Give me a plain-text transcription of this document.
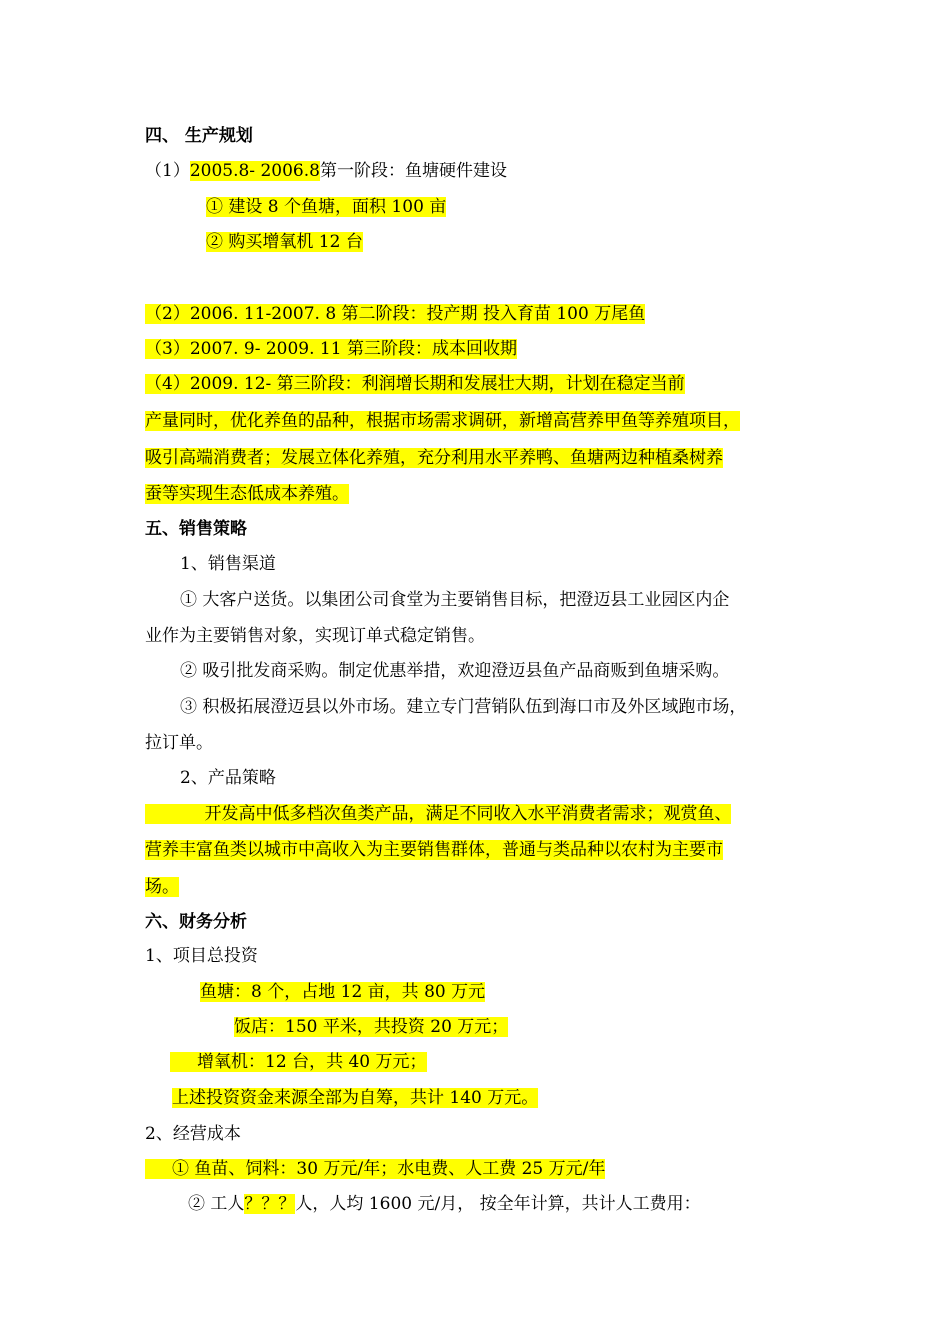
四、 生产规划
（1）2005.8- 2006.8第一阶段：鱼塘硬件建设
① 建设 8 个鱼塘，面积 100 亩
② 购买增氧机 12 台
（2）2006. 11-2007. 8 第二阶段：投产期 投入育苗 100 万尾鱼
（3）2007. 9- 2009. 11 第三阶段：成本回收期
（4）2009. 12- 第三阶段：利润增长期和发展壮大期，计划在稳定当前
产量同时，优化养鱼的品种，根据市场需求调研，新增高营养甲鱼等养殖项目，
吸引高端消费者；发展立体化养殖，充分利用水平养鸭、鱼塘两边种植桑树养
蚕等实现生态低成本养殖。
五、销售策略
1、销售渠道
① 大客户送货。以集团公司食堂为主要销售目标，把澄迈县工业园区内企
业作为主要销售对象，实现订单式稳定销售。
② 吸引批发商采购。制定优惠举措，欢迎澄迈县鱼产品商贩到鱼塘采购。
③ 积极拓展澄迈县以外市场。建立专门营销队伍到海口市及外区域跑市场，
拉订单。
2、产品策略
开发高中低多档次鱼类产品，满足不同收入水平消费者需求；观赏鱼、
营养丰富鱼类以城市中高收入为主要销售群体，普通与类品种以农村为主要市
场。
六、财务分析
1、项目总投资
鱼塘：8 个，占地 12 亩，共 80 万元
饭店：150 平米，共投资 20 万元；
增氧机：12 台，共 40 万元；
上述投资资金来源全部为自筹，共计 140 万元。
2、经营成本
① 鱼苗、饲料：30 万元/年；水电费、人工费 25 万元/年
② 工人？？？人，人均 1600 元/月， 按全年计算，共计人工费用：
